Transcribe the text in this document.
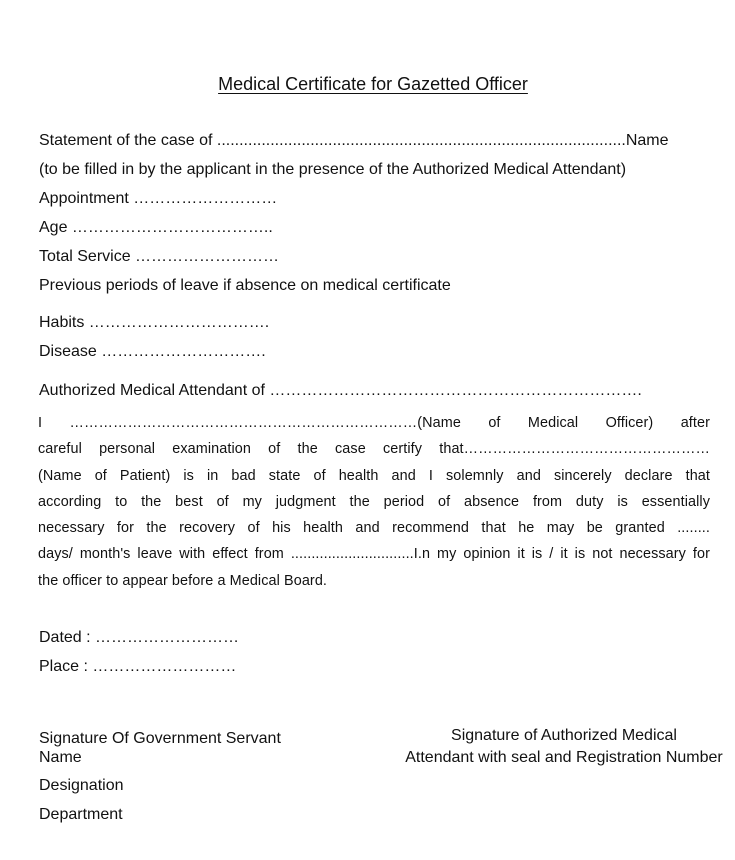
Medical Certificate for Gazetted Officer
Statement of the case of ............................................................................................Name
(to be filled in by the applicant in the presence of the Authorized Medical Attendant)
Appointment ………………………
Age ………………………………..
Total Service ………………………
Previous periods of leave if absence on medical certificate
Habits …………………………….
Disease ………………………….
Authorized Medical Attendant of …………………………………………………………….
I ………………………………………………………………(Name of Medical Officer) after
careful personal examination of the case certify that……………………………………………
(Name of Patient) is in bad state of health and I solemnly and sincerely declare that
according to the best of my judgment the period of absence from duty is essentially
necessary for the recovery of his health and recommend that he may be granted ........
days/ month's leave with effect from ..............................I.n my opinion it is / it is not necessary for
the officer to appear before a Medical Board.
Dated : ………………………
Place : ………………………
Signature Of Government Servant
Name
Designation
Department
Signature of Authorized Medical
Attendant with seal and Registration Number
